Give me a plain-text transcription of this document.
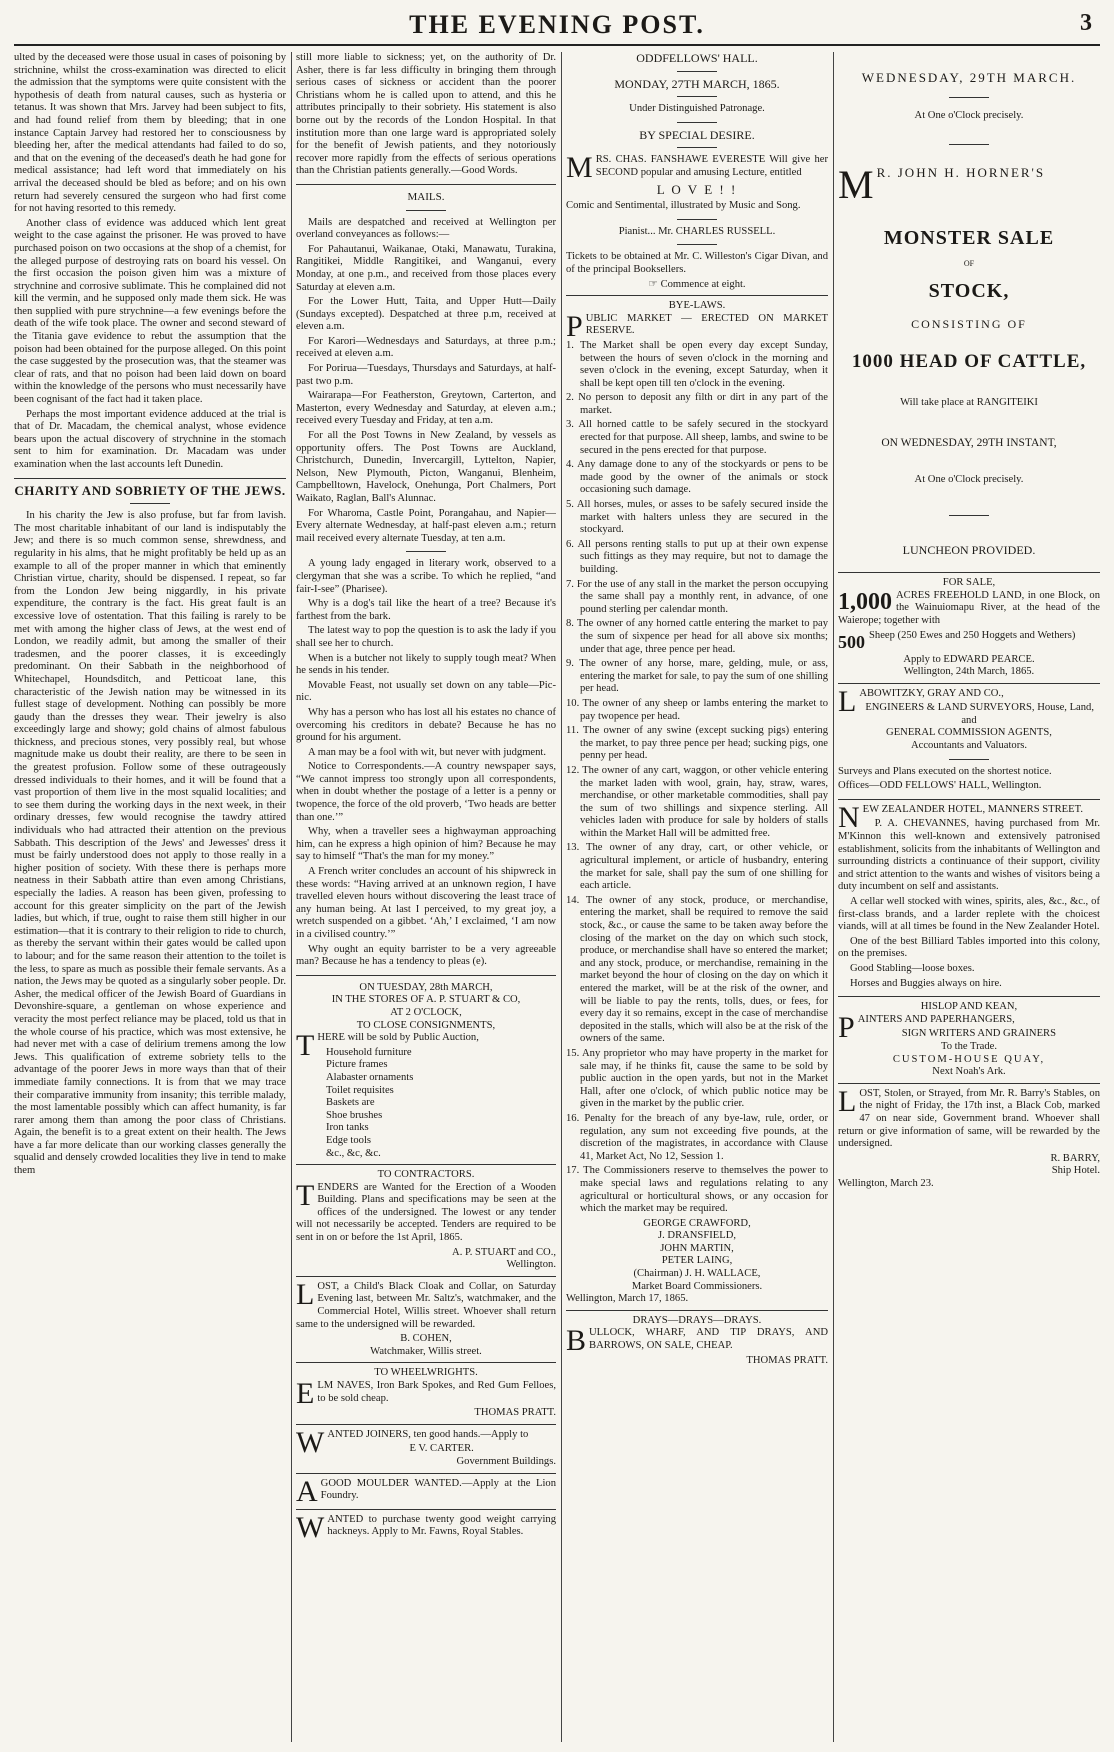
THE EVENING POST.	3

ulted by the deceased were those usual in cases of poisoning by strichnine, whilst the cross-examination was directed to elicit the admission that the symptoms were quite consistent with the hypothesis of death from natural causes, such as hysteria or tetanus. It was shown that Mrs. Jarvey had been subject to fits, and had found relief from them by bleeding; that in one instance Captain Jarvey had restored her to consciousness by bleeding her, after the medical attendants had failed to do so, and that on the evening of the deceased's death he had gone for medical assistance; had left word that immediately on his arrival the deceased should be bled as before; and on his own return had severely censured the surgeon who had first come for not having resorted to this remedy.

Another class of evidence was adduced which lent great weight to the case against the prisoner. He was proved to have purchased poison on two occasions at the shop of a chemist, for the alleged purpose of destroying rats on board his vessel. On the first occasion the poison given him was a mixture of strychnine and corrosive sublimate. This he complained did not kill the vermin, and he supposed only made them sick. He was then supplied with pure strychnine—a few evenings before the death of the wife took place. The owner and second steward of the Titania gave evidence to rebut the assumption that the poison had been obtained for the purpose alleged. On this point the case suggested by the prosecution was, that the steamer was clear of rats, and that no poison had been laid down on board within the knowledge of the persons who must necessarily have been cognisant of the fact had it taken place.

Perhaps the most important evidence adduced at the trial is that of Dr. Macadam, the chemical analyst, whose evidence bears upon the actual discovery of strychnine in the stomach sent to him for examination. Dr. Macadam was under examination when the last accounts left Dunedin.

CHARITY AND SOBRIETY OF THE JEWS.

In his charity the Jew is also profuse, but far from lavish. The most charitable inhabitant of our land is indisputably the Jew; and there is so much common sense, shrewdness, and regularity in his alms, that he might profitably be held up as an example to all of the proper manner in which that eminently Christian virtue, charity, should be dispensed. I repeat, so far from the London Jew being niggardly, in his private expenditure, the contrary is the fact. His great fault is an excessive love of ostentation. That this failing is rarely to be met with among the higher class of Jews, at the west end of London, we readily admit, but among the smaller of their tradesmen, and the poorer classes, it is exceedingly predominant. On their Sabbath in the neighborhood of Whitechapel, Houndsditch, and Petticoat lane, this characteristic of the Jewish nation may be witnessed in its fullest stage of development. Nothing can possibly be more gaudy than the dresses they wear. Their jewelry is also exceedingly large and showy; gold chains of almost fabulous thickness, and precious stones, very possibly real, but whose magnitude make us doubt their reality, are there to be seen in the greatest profusion. Follow some of these outrageously dressed individuals to their homes, and it will be found that a vast proportion of them live in the most squalid localities; and to see them during the working days in the next week, in their ordinary dresses, few would recognise the tawdry attired individuals who had attracted their attention on the previous Sabbath. This description of the Jews' and Jewesses' dress it must be fairly understood does not apply to those really in a higher position of society. With these there is perhaps more neatness in their Sabbath attire than even among Christians, especially the ladies. A reason has been given, professing to account for this greater simplicity on the part of the Jewish ladies, but which, if true, ought to raise them still higher in our estimation—that it is contrary to their religion to ride to church, as thereby the servant within their gates would be called upon to labour; and for the same reason their attention to the toilet is the less, to spare as much as possible their female servants. As a nation, the Jews may be quoted as a singularly sober people. Dr. Asher, the medical officer of the Jewish Board of Guardians in Devonshire-square, a gentleman on whose experience and veracity the most perfect reliance may be placed, told us that in the whole course of his practice, which was most extensive, he had never met with a case of delirium tremens among the low Jews. This qualification of extreme sobriety tells to the advantage of the poorer Jews in more ways than that of their immediate family connections. It is from that we may trace their comparative immunity from insanity; this terrible malady, the most lamentable possibly which can affect humanity, is far rarer among them than among the poor class of Christians. Again, the benefit is to a great extent on their health. The Jews have a far more delicate than our working classes generally the squalid and densely crowded localities they live in tend to make them

still more liable to sickness; yet, on the authority of Dr. Asher, there is far less difficulty in bringing them through serious cases of sickness or accident than the poorer Christians whom he is called upon to attend, and this he attributes principally to their sobriety. His statement is also borne out by the records of the London Hospital. In that institution more than one large ward is appropriated solely for the benefit of Jewish patients, and they notoriously recover more rapidly from the effects of serious operations than the Christian patients generally.—Good Words.

MAILS.

Mails are despatched and received at Wellington per overland conveyances as follows:—

For Pahautanui, Waikanae, Otaki, Manawatu, Turakina, Rangitikei, Middle Rangitikei, and Wanganui, every Monday, at one p.m., and received from those places every Saturday at eleven a.m.

For the Lower Hutt, Taita, and Upper Hutt—Daily (Sundays excepted). Despatched at three p.m, received at eleven a.m.

For Karori—Wednesdays and Saturdays, at three p.m.; received at eleven a.m.

For Porirua—Tuesdays, Thursdays and Saturdays, at half-past two p.m.

Wairarapa—For Featherston, Greytown, Carterton, and Masterton, every Wednesday and Saturday, at eleven a.m.; received every Tuesday and Friday, at ten a.m.

For all the Post Towns in New Zealand, by vessels as opportunity offers. The Post Towns are Auckland, Christchurch, Dunedin, Invercargill, Lyttelton, Napier, Nelson, New Plymouth, Picton, Wanganui, Blenheim, Campbelltown, Havelock, Onehunga, Port Chalmers, Port Waikato, Raglan, Ball's Alunnac.

For Wharoma, Castle Point, Porangahau, and Napier—Every alternate Wednesday, at half-past eleven a.m.; return mail received every alternate Tuesday, at ten a.m.

A young lady engaged in literary work, observed to a clergyman that she was a scribe. To which he replied, “and fair-I-see” (Pharisee).

Why is a dog's tail like the heart of a tree? Because it's farthest from the bark.

The latest way to pop the question is to ask the lady if you shall see her to church.

When is a butcher not likely to supply tough meat? When he sends in his tender.

Movable Feast, not usually set down on any table—Pic-nic.

Why has a person who has lost all his estates no chance of overcoming his creditors in debate? Because he has no ground for his argument.

A man may be a fool with wit, but never with judgment.

Notice to Correspondents.—A country newspaper says, “We cannot impress too strongly upon all correspondents, when in doubt whether the postage of a letter is a penny or twopence, the force of the old proverb, ‘Two heads are better than one.’”

Why, when a traveller sees a highwayman approaching him, can he express a high opinion of him? Because he may say to himself “That's the man for my money.”

A French writer concludes an account of his shipwreck in these words: “Having arrived at an unknown region, I have travelled eleven hours without discovering the least trace of any human being. At last I perceived, to my great joy, a wretch suspended on a gibbet. ‘Ah,’ I exclaimed, ‘I am now in a civilised country.’”

Why ought an equity barrister to be a very agreeable man? Because he has a tendency to pleas (e).

ON TUESDAY, 28th MARCH,
IN THE STORES OF A. P. STUART & CO,
AT 2 O'CLOCK,
TO CLOSE CONSIGNMENTS,

THERE will be sold by Public Auction,

Household furniture
Picture frames
Alabaster ornaments
Toilet requisites
Baskets are
Shoe brushes
Iron tanks
Edge tools
&c., &c, &c.
TO CONTRACTORS.

TENDERS are Wanted for the Erection of a Wooden Building. Plans and specifications may be seen at the offices of the undersigned. The lowest or any tender will not necessarily be accepted. Tenders are required to be sent in on or before the 1st April, 1865.

A. P. STUART and CO.,
Wellington.

LOST, a Child's Black Cloak and Collar, on Saturday Evening last, between Mr. Saltz's, watchmaker, and the Commercial Hotel, Willis street. Whoever shall return same to the undersigned will be rewarded.

B. COHEN,
Watchmaker, Willis street.
TO WHEELWRIGHTS.

ELM NAVES, Iron Bark Spokes, and Red Gum Felloes, to be sold cheap.

THOMAS PRATT.

WANTED JOINERS, ten good hands.—Apply to

E V. CARTER.
Government Buildings.

AGOOD MOULDER WANTED.—Apply at the Lion Foundry.

WANTED to purchase twenty good weight carrying hackneys. Apply to Mr. Fawns, Royal Stables.

ODDFELLOWS' HALL.
MONDAY, 27TH MARCH, 1865.
Under Distinguished Patronage.
BY SPECIAL DESIRE.

MRS. CHAS. FANSHAWE EVERESTE Will give her SECOND popular and amusing Lecture, entitled

L O V E ! !

Comic and Sentimental, illustrated by Music and Song.

Pianist... Mr. CHARLES RUSSELL.

Tickets to be obtained at Mr. C. Willeston's Cigar Divan, and of the principal Booksellers.

☞ Commence at eight.
BYE-LAWS.

PUBLIC MARKET — ERECTED ON MARKET RESERVE.

1. The Market shall be open every day except Sunday, between the hours of seven o'clock in the morning and seven o'clock in the evening, except Saturday, when it shall be kept open till ten o'clock in the evening.
2. No person to deposit any filth or dirt in any part of the market.
3. All horned cattle to be safely secured in the stockyard erected for that purpose. All sheep, lambs, and swine to be secured in the pens erected for that purpose.
4. Any damage done to any of the stockyards or pens to be made good by the owner of the animals or stock occasioning such damage.
5. All horses, mules, or asses to be safely secured inside the market with halters unless they are secured in the stockyard.
6. All persons renting stalls to put up at their own expense such fittings as they may require, but not to damage the building.
7. For the use of any stall in the market the person occupying the same shall pay a monthly rent, in advance, of one pound sterling per calendar month.
8. The owner of any horned cattle entering the market to pay the sum of sixpence per head for all above six months; under that age, three pence per head.
9. The owner of any horse, mare, gelding, mule, or ass, entering the market for sale, to pay the sum of one shilling per head.
10. The owner of any sheep or lambs entering the market to pay twopence per head.
11. The owner of any swine (except sucking pigs) entering the market, to pay three pence per head; sucking pigs, one penny per head.
12. The owner of any cart, waggon, or other vehicle entering the market laden with wool, grain, hay, straw, wares, merchandise, or other marketable commodities, shall pay the sum of two shillings and sixpence sterling. All vehicles laden with produce for sale by holders of stalls within the Market Hall will be admitted free.
13. The owner of any dray, cart, or other vehicle, or agricultural implement, or article of husbandry, entering the market for sale, shall pay the sum of one shilling for each article.
14. The owner of any stock, produce, or merchandise, entering the market, shall be required to remove the said stock, &c., or cause the same to be taken away before the closing of the market on the day on which such stock, produce, or merchandise shall have so entered the market; and any stock, produce, or merchandise, remaining in the market beyond the hour of closing on the day on which it entered the market, will be at the risk of the owner, and will be liable to pay the rents, tolls, dues, or fees, for every day it so remains, except in the case of merchandise deposited in the stalls, which will also be at the risk of the owners of the same.
15. Any proprietor who may have property in the market for sale may, if he thinks fit, cause the same to be sold by public auction in the open yards, but not in the Market Hall, after one o'clock, of which public notice may be given in the market by the public crier.
16. Penalty for the breach of any bye-law, rule, order, or regulation, any sum not exceeding five pounds, at the discretion of the magistrates, in accordance with Clause 41, Market Act, No 12, Session 1.
17. The Commissioners reserve to themselves the power to make special laws and regulations relating to any agricultural or horticultural shows, or any occasion for which the market may be required.
GEORGE CRAWFORD,
J. DRANSFIELD,
JOHN MARTIN,
PETER LAING,
(Chairman) J. H. WALLACE,
Market Board Commissioners.
Wellington, March 17, 1865.
DRAYS—DRAYS—DRAYS.

BULLOCK, WHARF, AND TIP DRAYS, AND BARROWS, ON SALE, CHEAP.

THOMAS PRATT.
WEDNESDAY, 29TH MARCH.
At One o'Clock precisely.

M R. JOHN H. HORNER'S

MONSTER SALE
OF
STOCK,
CONSISTING OF
1000 HEAD OF CATTLE,
Will take place at RANGITEIKI
ON WEDNESDAY, 29TH INSTANT,
At One o'Clock precisely.
LUNCHEON PROVIDED.
FOR SALE,

1,000 ACRES FREEHOLD LAND, in one Block, on the Wainuiomapu River, at the head of the Waierope; together with

500 Sheep (250 Ewes and 250 Hoggets and Wethers)

Apply to EDWARD PEARCE.
Wellington, 24th March, 1865.

LABOWITZKY, GRAY AND CO.,

ENGINEERS & LAND SURVEYORS, House, Land, and
GENERAL COMMISSION AGENTS,
Accountants and Valuators.

Surveys and Plans executed on the shortest notice.

Offices—ODD FELLOWS' HALL, Wellington.

NEW ZEALANDER HOTEL, MANNERS STREET.

P. A. CHEVANNES, having purchased from Mr. M'Kinnon this well-known and extensively patronised establishment, solicits from the inhabitants of Wellington and surrounding districts a continuance of their support, civility and strict attention to the wants and wishes of visitors being a duty incumbent on self and assistants.

A cellar well stocked with wines, spirits, ales, &c., &c., of first-class brands, and a larder replete with the choicest viands, will at all times be found in the New Zealander Hotel.

One of the best Billiard Tables imported into this colony, on the premises.

Good Stabling—loose boxes.

Horses and Buggies always on hire.

HISLOP AND KEAN,

PAINTERS AND PAPERHANGERS,

SIGN WRITERS AND GRAINERS
To the Trade.
CUSTOM-HOUSE QUAY,
Next Noah's Ark.

LOST, Stolen, or Strayed, from Mr. R. Barry's Stables, on the night of Friday, the 17th inst, a Black Cob, marked 47 on near side, Government brand. Whoever shall return or give information of same, will be rewarded by the undersigned.

R. BARRY,
Ship Hotel.
Wellington, March 23.
